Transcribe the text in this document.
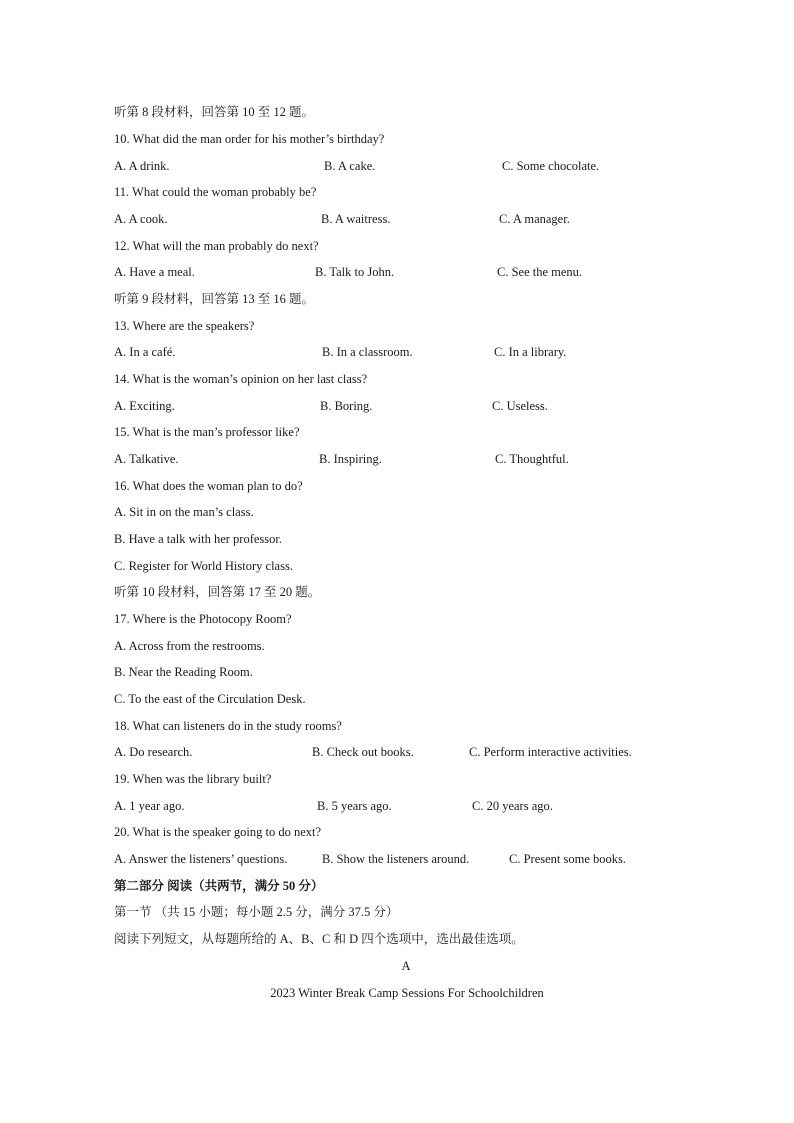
听第 8 段材料，回答第 10 至 12 题。
10. What did the man order for his mother’s birthday?
A. A drink.	B. A cake.	C. Some chocolate.
11. What could the woman probably be?
A. A cook.	B. A waitress.	C. A manager.
12. What will the man probably do next?
A. Have a meal.	B. Talk to John.	C. See the menu.
听第 9 段材料，回答第 13 至 16 题。
13. Where are the speakers?
A. In a café.	B. In a classroom.	C. In a library.
14. What is the woman’s opinion on her last class?
A. Exciting.	B. Boring.	C. Useless.
15. What is the man’s professor like?
A. Talkative.	B. Inspiring.	C. Thoughtful.
16. What does the woman plan to do?
A. Sit in on the man’s class.
B. Have a talk with her professor.
C. Register for World History class.
听第 10 段材料，回答第 17 至 20 题。
17. Where is the Photocopy Room?
A. Across from the restrooms.
B. Near the Reading Room.
C. To the east of the Circulation Desk.
18. What can listeners do in the study rooms?
A. Do research.	B. Check out books.	C. Perform interactive activities.
19. When was the library built?
A. 1 year ago.	B. 5 years ago.	C. 20 years ago.
20. What is the speaker going to do next?
A. Answer the listeners’ questions.	B. Show the listeners around.	C. Present some books.
第二部分 阅读（共两节，满分 50 分）
第一节 （共 15 小题；每小题 2.5 分，满分 37.5 分）
阅读下列短文，从每题所给的 A、B、C 和 D 四个选项中，选出最佳选项。
A
2023 Winter Break Camp Sessions For Schoolchildren
